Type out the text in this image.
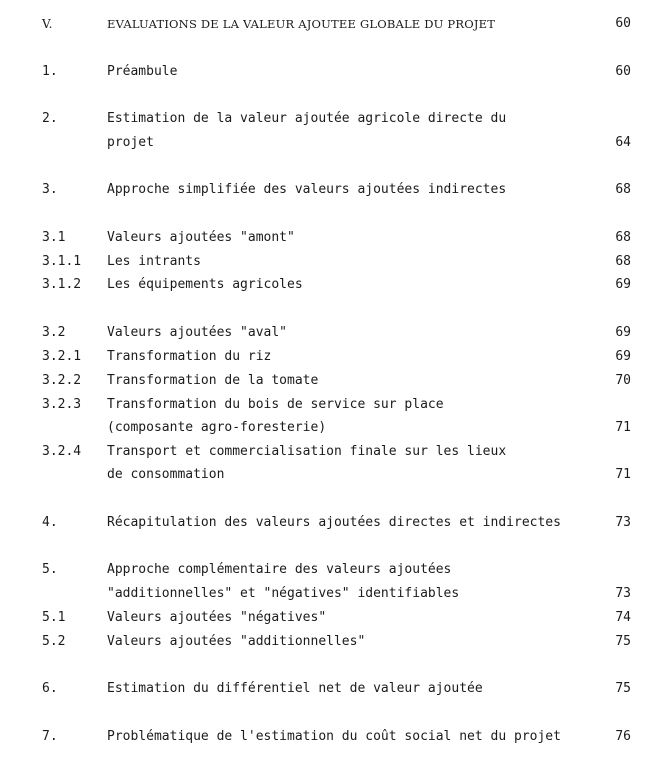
V.	EVALUATIONS DE LA VALEUR AJOUTEE GLOBALE DU PROJET	60
1.	Préambule	60
2.	Estimation de la valeur ajoutée agricole directe du
projet	64
3.	Approche simplifiée des valeurs ajoutées indirectes	68
3.1	Valeurs ajoutées "amont"	68
3.1.1 Les intrants	68
3.1.2 Les équipements agricoles	69
3.2	Valeurs ajoutées "aval"	69
3.2.1 Transformation du riz	69
3.2.2 Transformation de la tomate	70
3.2.3 Transformation du bois de service sur place
(composante agro-foresterie)	71
3.2.4 Transport et commercialisation finale sur les lieux
de consommation	71
4.	Récapitulation des valeurs ajoutées directes et indirectes	73
5.	Approche complémentaire des valeurs ajoutées
"additionnelles" et "négatives" identifiables	73
5.1	Valeurs ajoutées "négatives"	74
5.2	Valeurs ajoutées "additionnelles"	75
6.	Estimation du différentiel net de valeur ajoutée	75
7.	Problématique de l'estimation du coût social net du projet	76
